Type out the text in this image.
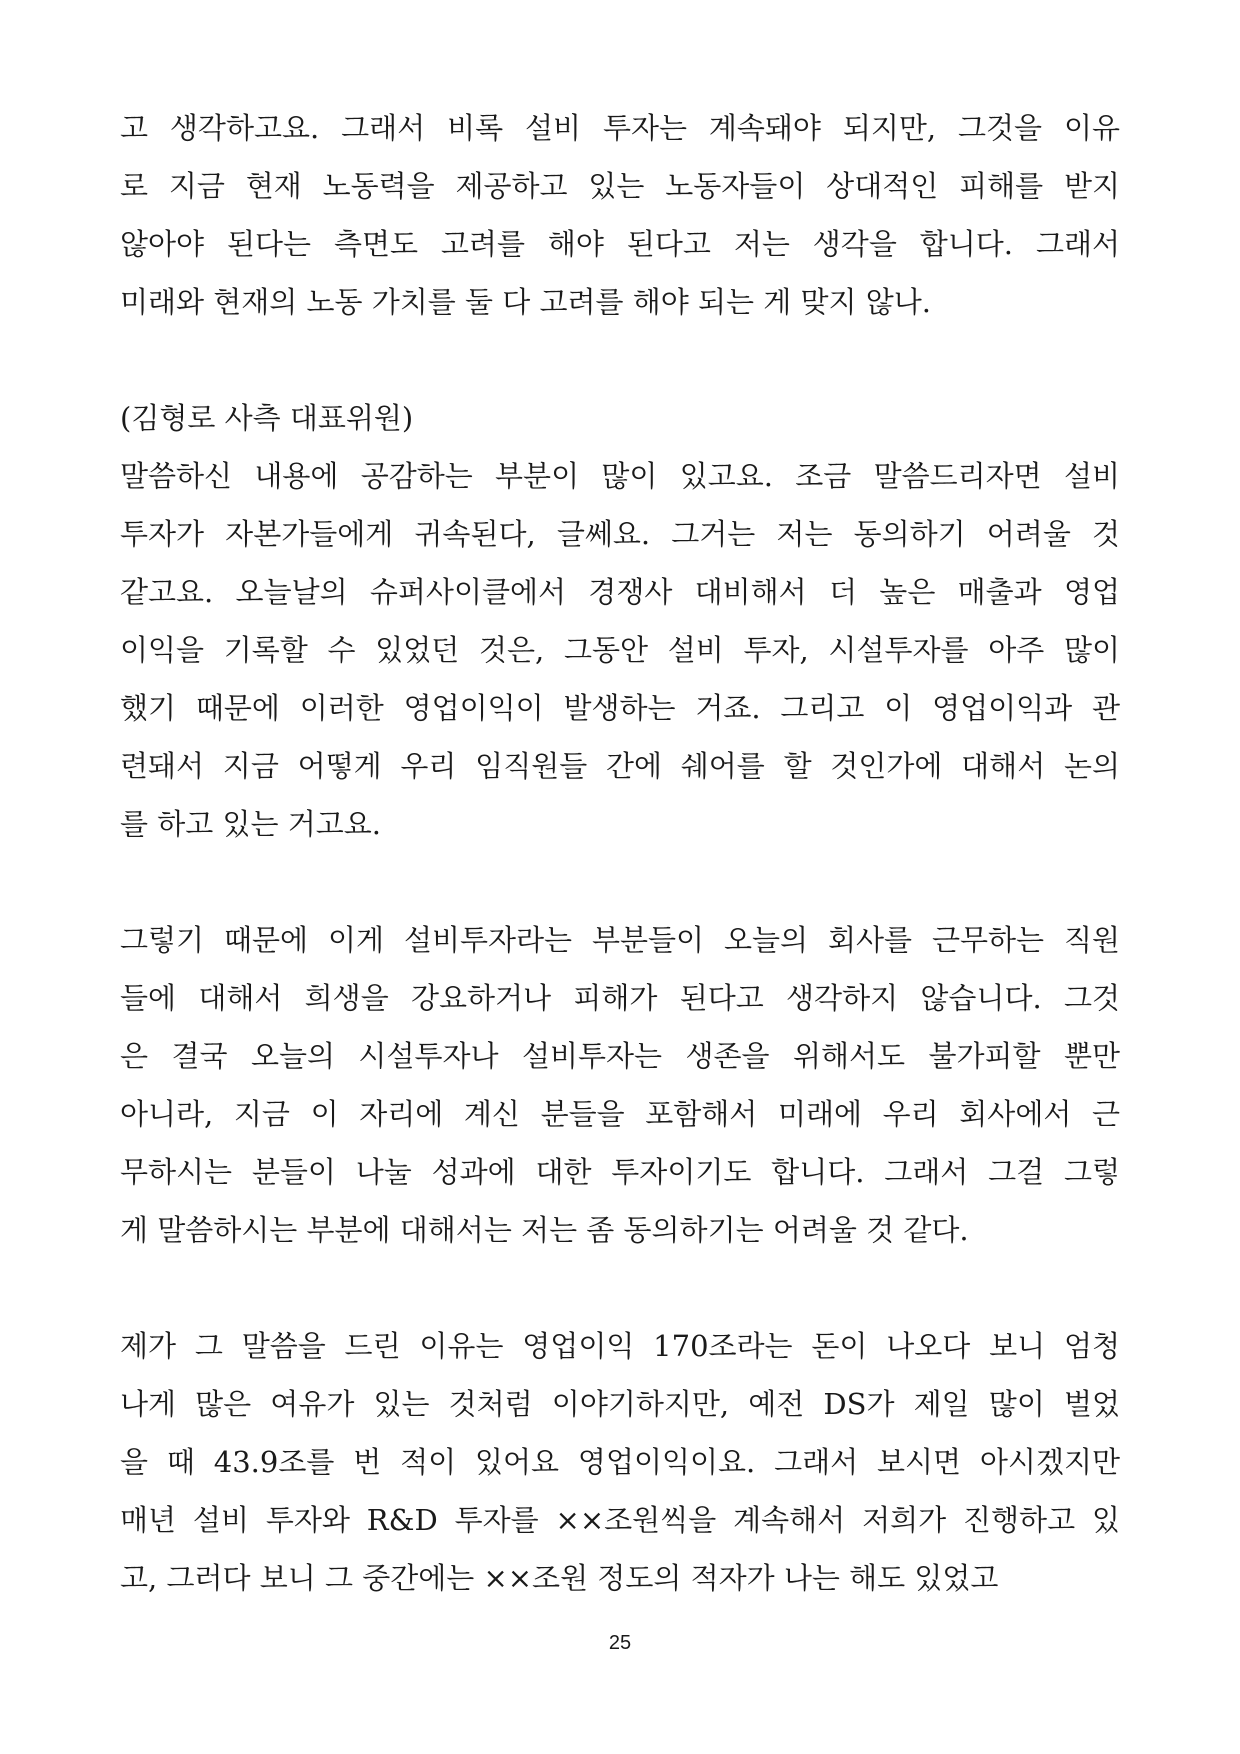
고 생각하고요. 그래서 비록 설비 투자는 계속돼야 되지만, 그것을 이유
로 지금 현재 노동력을 제공하고 있는 노동자들이 상대적인 피해를 받지
않아야 된다는 측면도 고려를 해야 된다고 저는 생각을 합니다. 그래서
미래와 현재의 노동 가치를 둘 다 고려를 해야 되는 게 맞지 않나.
(김형로 사측 대표위원)
말씀하신 내용에 공감하는 부분이 많이 있고요. 조금 말씀드리자면 설비
투자가 자본가들에게 귀속된다, 글쎄요. 그거는 저는 동의하기 어려울 것
같고요. 오늘날의 슈퍼사이클에서 경쟁사 대비해서 더 높은 매출과 영업
이익을 기록할 수 있었던 것은, 그동안 설비 투자, 시설투자를 아주 많이
했기 때문에 이러한 영업이익이 발생하는 거죠. 그리고 이 영업이익과 관
련돼서 지금 어떻게 우리 임직원들 간에 쉐어를 할 것인가에 대해서 논의
를 하고 있는 거고요.
그렇기 때문에 이게 설비투자라는 부분들이 오늘의 회사를 근무하는 직원
들에 대해서 희생을 강요하거나 피해가 된다고 생각하지 않습니다. 그것
은 결국 오늘의 시설투자나 설비투자는 생존을 위해서도 불가피할 뿐만
아니라, 지금 이 자리에 계신 분들을 포함해서 미래에 우리 회사에서 근
무하시는 분들이 나눌 성과에 대한 투자이기도 합니다. 그래서 그걸 그렇
게 말씀하시는 부분에 대해서는 저는 좀 동의하기는 어려울 것 같다.
제가 그 말씀을 드린 이유는 영업이익 170조라는 돈이 나오다 보니 엄청
나게 많은 여유가 있는 것처럼 이야기하지만, 예전 DS가 제일 많이 벌었
을 때 43.9조를 번 적이 있어요 영업이익이요. 그래서 보시면 아시겠지만
매년 설비 투자와 R&D 투자를 ××조원씩을 계속해서 저희가 진행하고 있
고, 그러다 보니 그 중간에는 ××조원 정도의 적자가 나는 해도 있었고
25
